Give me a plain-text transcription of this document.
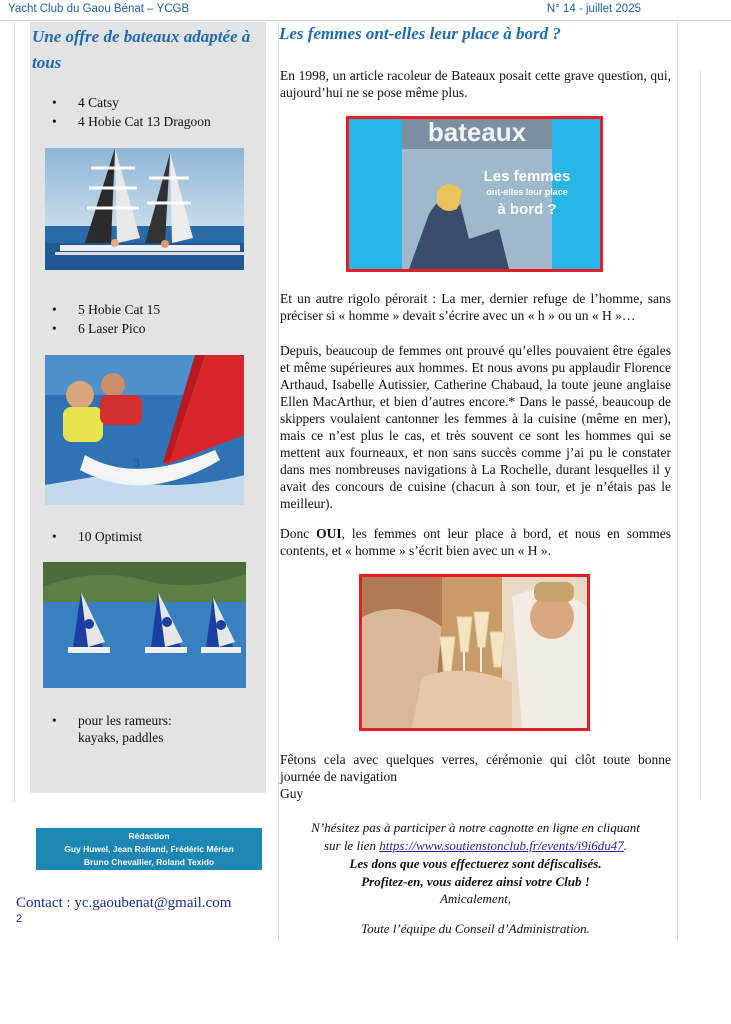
Yacht Club du Gaou Bénat – YCGB	N° 14 - juillet 2025
Une offre de bateaux adaptée à tous
• 4 Catsy
• 4 Hobie Cat 13 Dragoon
• 5 Hobie Cat 15
• 6 Laser Pico
3
• 10 Optimist
• pour les rameurs:
kayaks, paddles
Rédaction
Guy Huwel, Jean Rolland, Frédéric Mérian
Bruno Chevallier, Roland Texido
Contact : yc.gaoubenat@gmail.com
2
Les femmes ont-elles leur place à bord ?
En 1998, un article racoleur de Bateaux posait cette grave question, qui, aujourd’hui ne se pose même plus.
bateaux
Les femmes
ont-elles leur place
à bord ?
Et un autre rigolo pérorait : La mer, dernier refuge de l’homme, sans préciser si « homme » devait s’écrire avec un « h » ou un « H »…
Depuis, beaucoup de femmes ont prouvé qu’elles pouvaient être égales et même supérieures aux hommes. Et nous avons pu applaudir Florence Arthaud, Isabelle Autissier, Catherine Chabaud, la toute jeune anglaise Ellen MacArthur, et bien d’autres encore.* Dans le passé, beaucoup de skippers voulaient cantonner les femmes à la cuisine (même en mer), mais ce n’est plus le cas, et très souvent ce sont les hommes qui se mettent aux fourneaux, et non sans succès comme j’ai pu le constater dans mes nombreuses navigations à La Rochelle, durant lesquelles il y avait des concours de cuisine (chacun à son tour, et je n’étais pas le meilleur).
Donc OUI, les femmes ont leur place à bord, et nous en sommes contents, et « homme » s’écrit bien avec un « H ».
Fêtons cela avec quelques verres, cérémonie qui clôt toute bonne journée de navigation
Guy
N’hésitez pas à participer à notre cagnotte en ligne en cliquant
sur le lien https://www.soutienstonclub.fr/events/i9i6du47.
Les dons que vous effectuerez sont défiscalisés.
Profitez-en, vous aiderez ainsi votre Club !
Amicalement,
Toute l’équipe du Conseil d’Administration.
